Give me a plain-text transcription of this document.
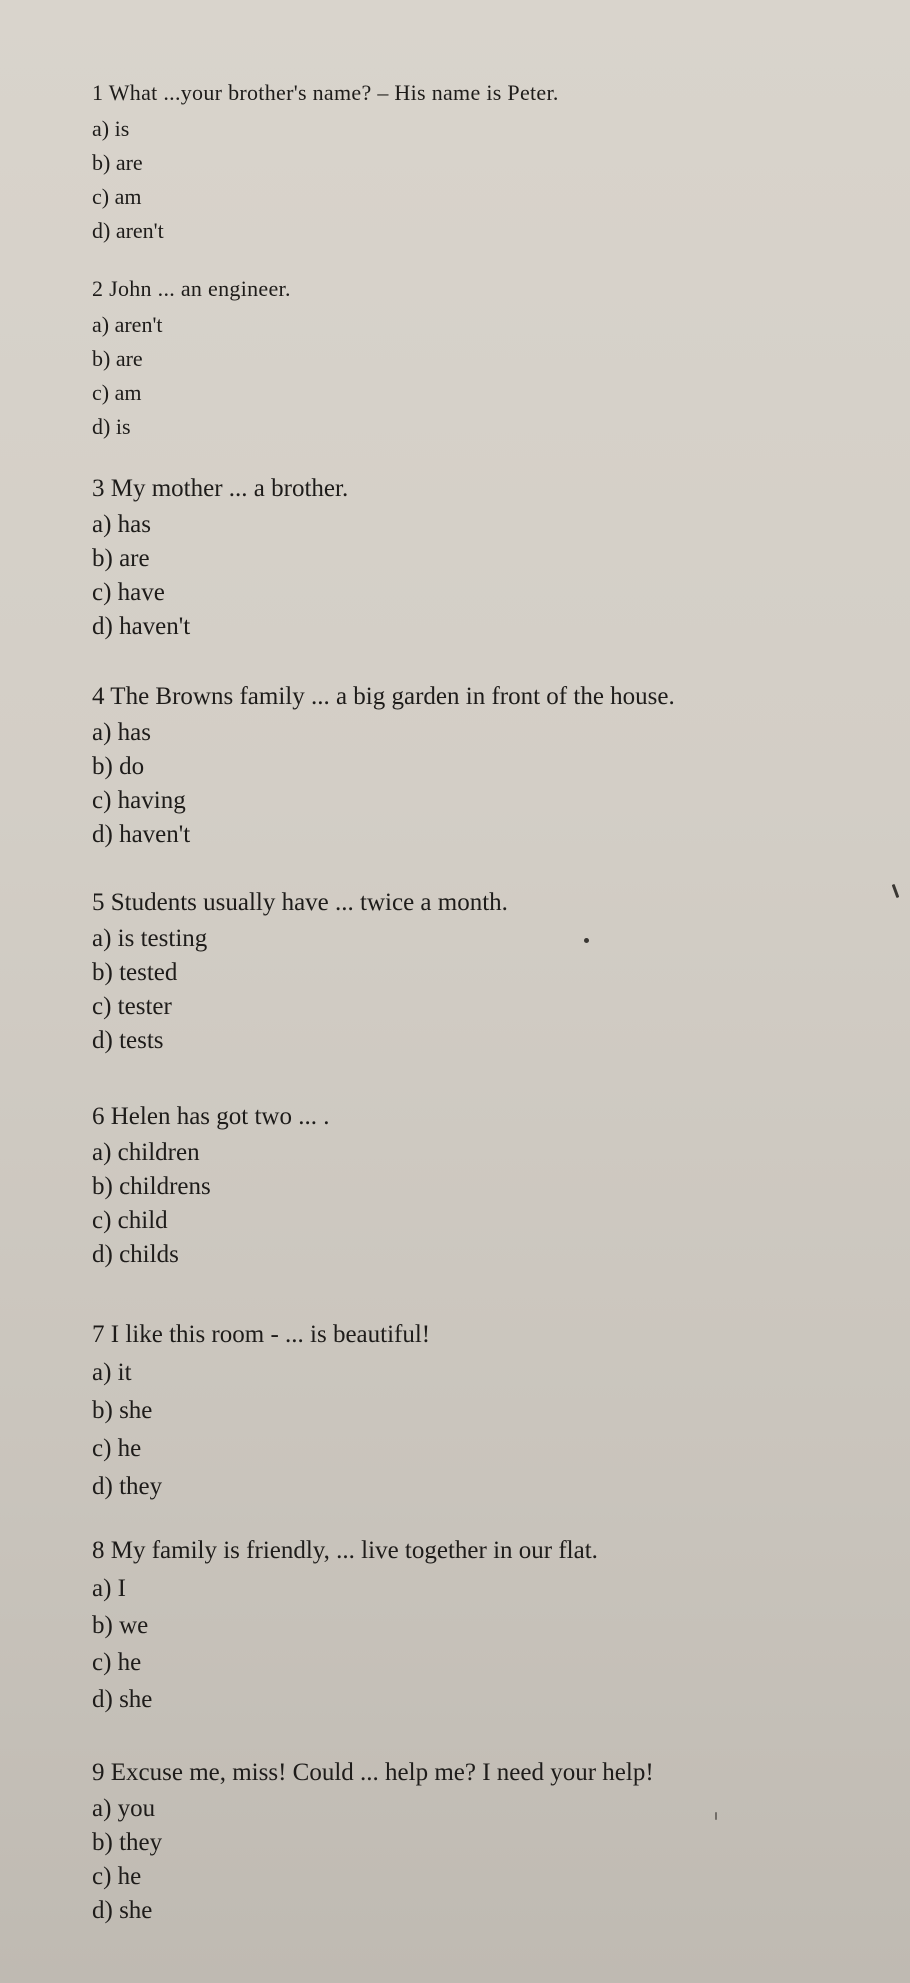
1 What ...your brother's name? – His name is Peter.

a) is

b) are

c) am

d) aren't

2 John ... an engineer.

a) aren't

b) are

c) am

d) is

3 My mother ... a brother.

a) has

b) are

c) have

d) haven't

4 The Browns family ... a big garden in front of the house.

a) has

b) do

c) having

d) haven't

5 Students usually have ... twice a month.

a) is testing

b) tested

c) tester

d) tests

6 Helen has got two ... .

a) children

b) childrens

c) child

d) childs

7 I like this room - ... is beautiful!

a) it

b) she

c) he

d) they

8 My family is friendly, ... live together in our flat.

a) I

b) we

c) he

d) she

9 Excuse me, miss! Could ... help me? I need your help!

a) you

b) they

c) he

d) she
